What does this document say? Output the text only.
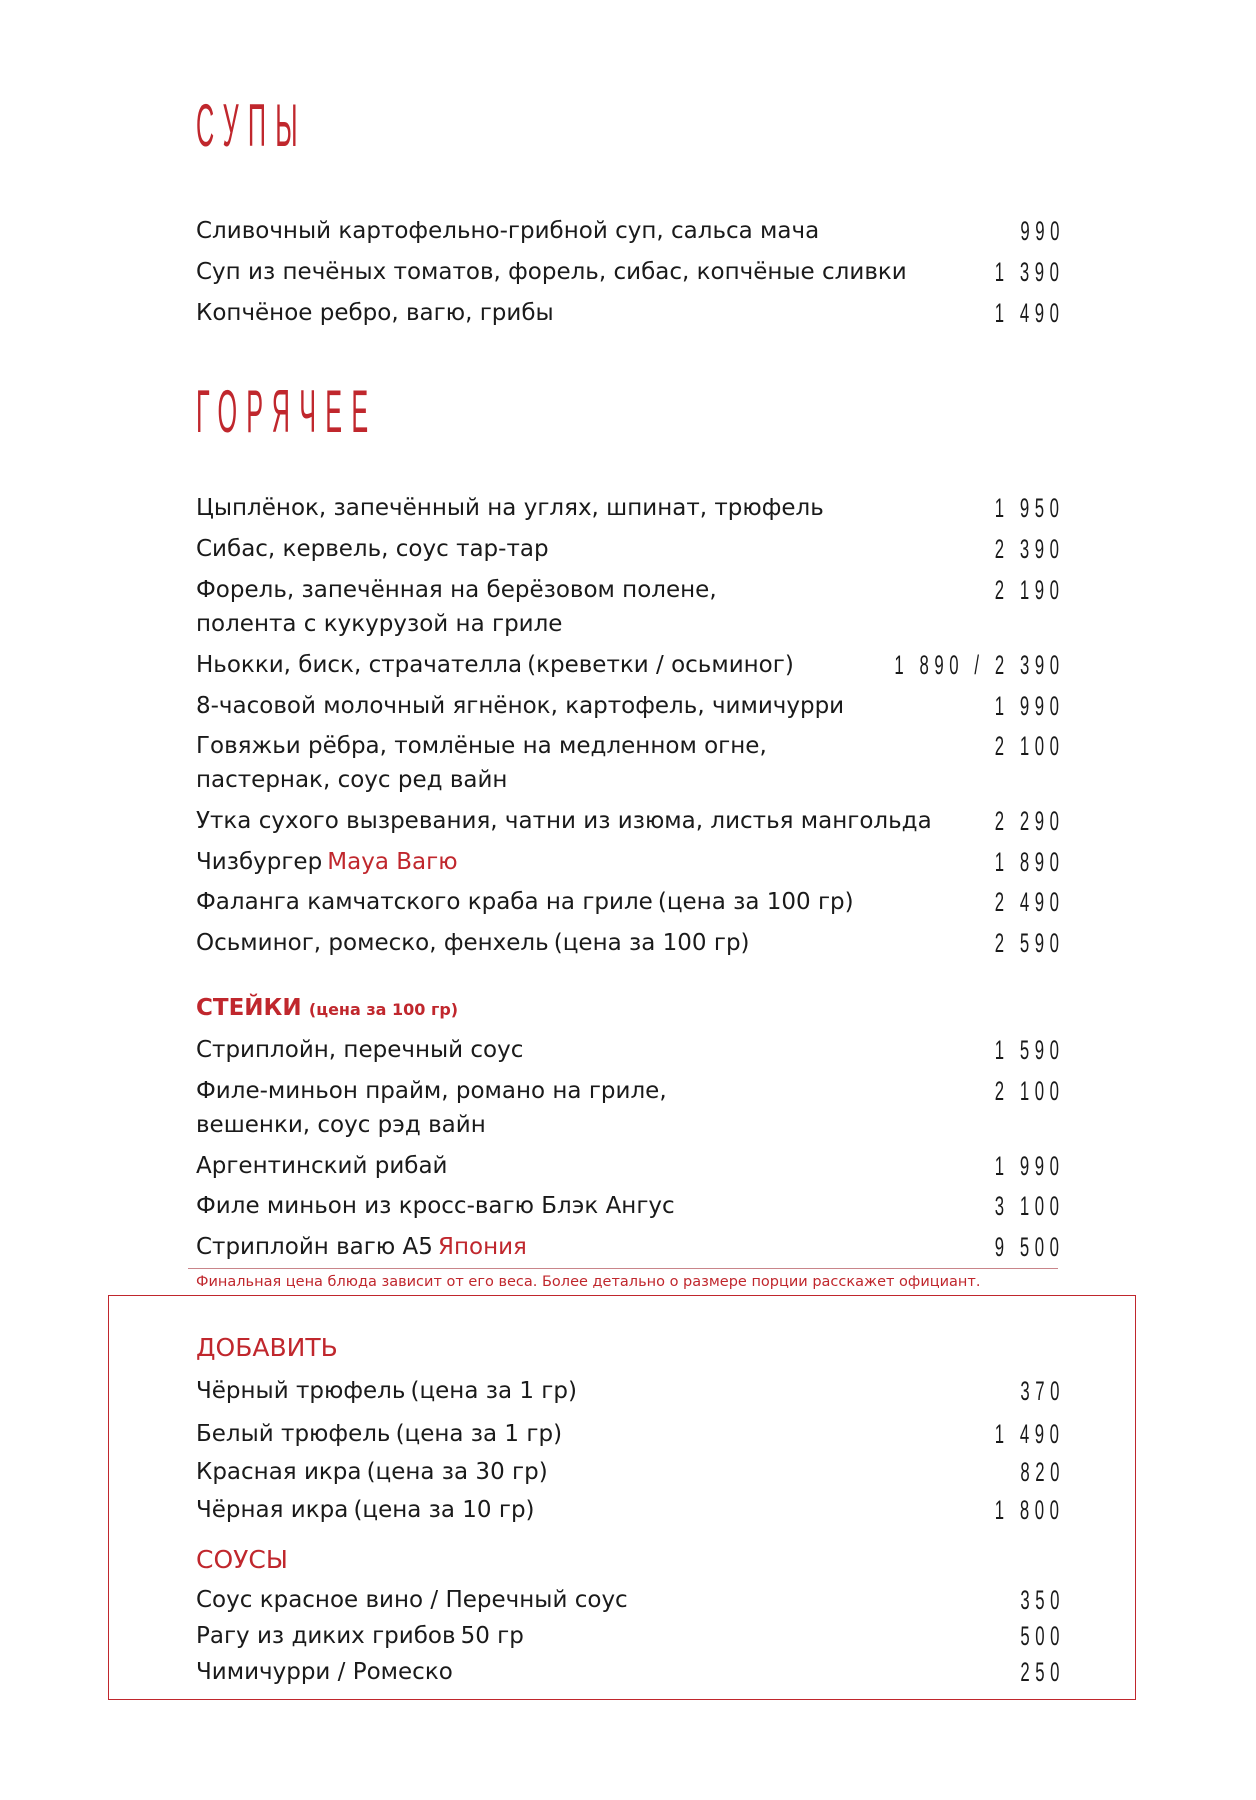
СУПЫ
Сливочный картофельно-грибной суп, сальса мача	990
Суп из печёных томатов, форель, сибас, копчёные сливки	1 390
Копчёное ребро, вагю, грибы	1 490
ГОРЯЧЕЕ
Цыплёнок, запечённый на углях, шпинат, трюфель	1 950
Сибас, кервель, соус тар-тар	2 390
Форель, запечённая на берёзовом полене,
полента с кукурузой на гриле
2 190
Ньокки, биск, страчателла (креветки / осьминог)	1 890 / 2 390
8-часовой молочный ягнёнок, картофель, чимичурри	1 990
Говяжьи рёбра, томлёные на медленном огне,
пастернак, соус ред вайн
2 100
Утка сухого вызревания, чатни из изюма, листья мангольда 2 290
Чизбургер Maya Вагю	1 890
Фаланга камчатского краба на гриле (цена за 100 гр)	2 490
Осьминог, ромеско, фенхель (цена за 100 гр)	2 590
СТЕЙКИ (цена за 100 гр)
Стриплойн, перечный соус	1 590
Филе-миньон прайм, романо на гриле,
вешенки, соус рэд вайн
2 100
Аргентинский рибай	1 990
Филе миньон из кросс-вагю Блэк Ангус	3 100
Стриплойн вагю А5 Япония	9 500
Финальная цена блюда зависит от его веса. Более детально о размере порции расскажет официант.
ДОБАВИТЬ
Чёрный трюфель (цена за 1 гр)	370
Белый трюфель (цена за 1 гр)	1 490
Красная икра (цена за 30 гр)	820
Чёрная икра (цена за 10 гр)	1 800
СОУСЫ
Соус красное вино / Перечный соус	350
Рагу из диких грибов 50 гр	500
Чимичурри / Ромеско	250
